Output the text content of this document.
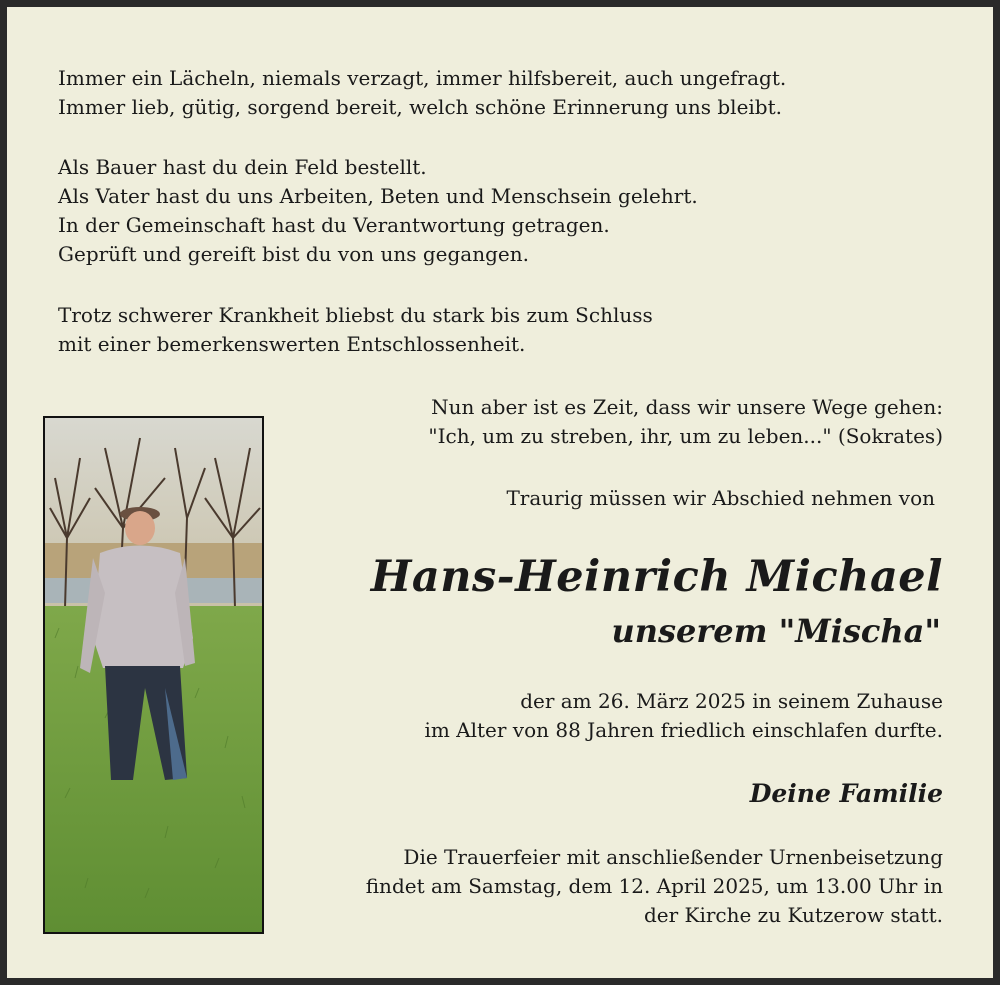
Immer ein Lächeln, niemals verzagt, immer hilfsbereit, auch ungefragt.
Immer lieb, gütig, sorgend bereit, welch schöne Erinnerung uns bleibt.
Als Bauer hast du dein Feld bestellt.
Als Vater hast du uns Arbeiten, Beten und Menschsein gelehrt.
In der Gemeinschaft hast du Verantwortung getragen.
Geprüft und gereift bist du von uns gegangen.
Trotz schwerer Krankheit bliebst du stark bis zum Schluss
mit einer bemerkenswerten Entschlossenheit.
Nun aber ist es Zeit, dass wir unsere Wege gehen:
"Ich, um zu streben, ihr, um zu leben..." (Sokrates)
Traurig müssen wir Abschied nehmen von
Hans-Heinrich Michael
unserem "Mischa"
der am 26. März 2025 in seinem Zuhause
im Alter von 88 Jahren friedlich einschlafen durfte.
Deine Familie
Die Trauerfeier mit anschließender Urnenbeisetzung
findet am Samstag, dem 12. April 2025, um 13.00 Uhr in
der Kirche zu Kutzerow statt.
